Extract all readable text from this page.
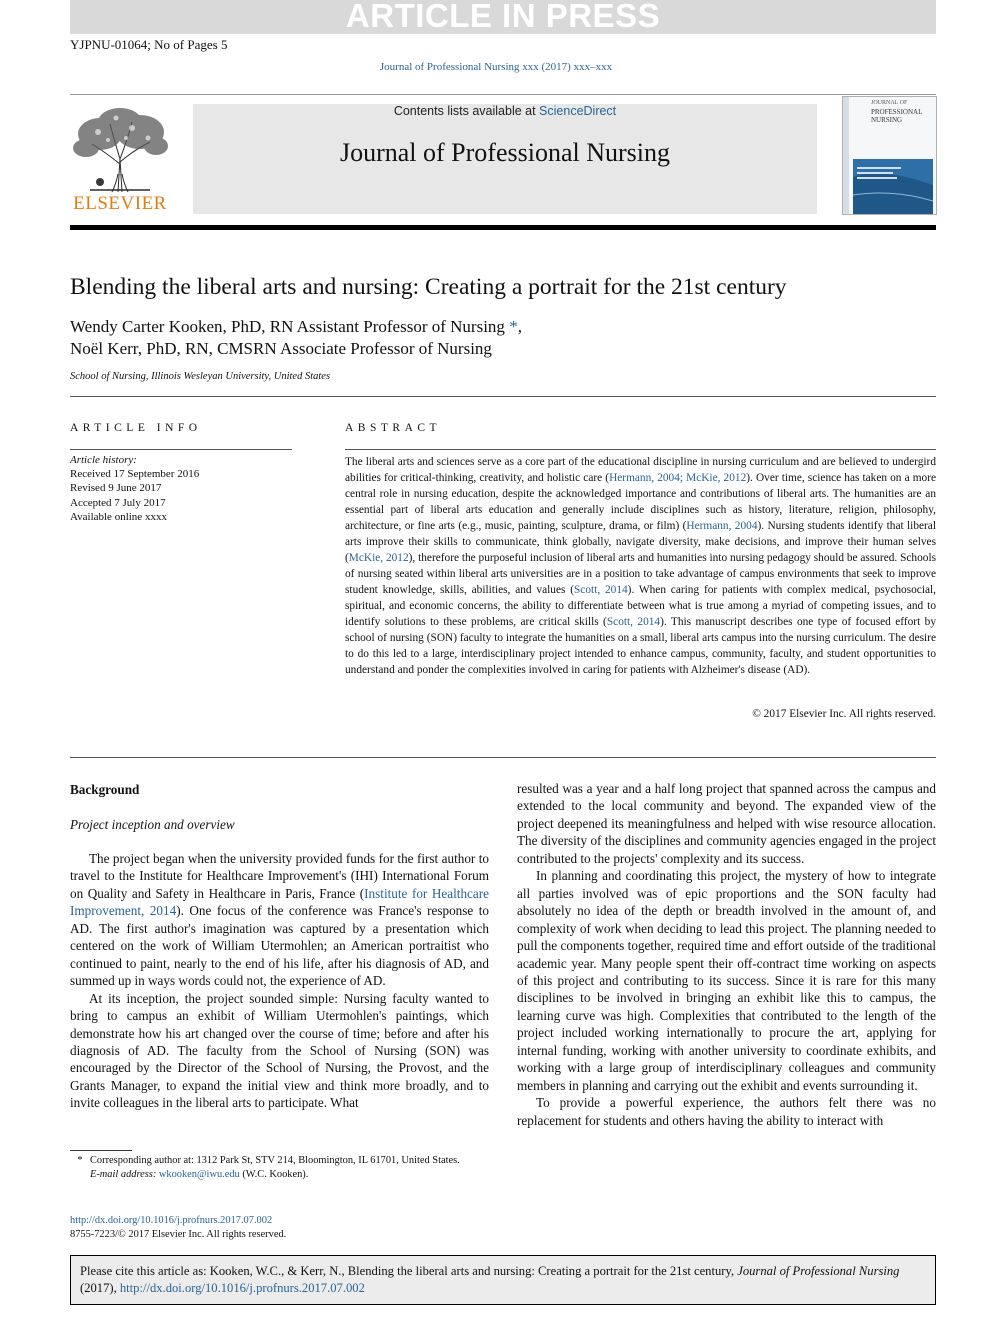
ARTICLE IN PRESS
YJPNU-01064; No of Pages 5
Journal of Professional Nursing xxx (2017) xxx–xxx
ELSEVIER
Contents lists available at ScienceDirect
Journal of Professional Nursing
JOURNAL OF
PROFESSIONAL NURSING
Blending the liberal arts and nursing: Creating a portrait for the 21st century
Wendy Carter Kooken, PhD, RN Assistant Professor of Nursing *,
Noël Kerr, PhD, RN, CMSRN Associate Professor of Nursing
School of Nursing, Illinois Wesleyan University, United States
ARTICLE INFO
Article history:
Received 17 September 2016
Revised 9 June 2017
Accepted 7 July 2017
Available online xxxx
ABSTRACT
The liberal arts and sciences serve as a core part of the educational discipline in nursing curriculum and are believed to undergird abilities for critical-thinking, creativity, and holistic care (Hermann, 2004; McKie, 2012). Over time, science has taken on a more central role in nursing education, despite the acknowledged importance and contributions of liberal arts. The humanities are an essential part of liberal arts education and generally include disciplines such as history, literature, religion, philosophy, architecture, or fine arts (e.g., music, painting, sculpture, drama, or film) (Hermann, 2004). Nursing students identify that liberal arts improve their skills to communicate, think globally, navigate diversity, make decisions, and improve their human selves (McKie, 2012), therefore the purposeful inclusion of liberal arts and humanities into nursing pedagogy should be assured. Schools of nursing seated within liberal arts universities are in a position to take advantage of campus environments that seek to improve student knowledge, skills, abilities, and values (Scott, 2014). When caring for patients with complex medical, psychosocial, spiritual, and economic concerns, the ability to differentiate between what is true among a myriad of competing issues, and to identify solutions to these problems, are critical skills (Scott, 2014). This manuscript describes one type of focused effort by school of nursing (SON) faculty to integrate the humanities on a small, liberal arts campus into the nursing curriculum. The desire to do this led to a large, interdisciplinary project intended to enhance campus, community, faculty, and student opportunities to understand and ponder the complexities involved in caring for patients with Alzheimer's disease (AD).
© 2017 Elsevier Inc. All rights reserved.
Background
Project inception and overview

The project began when the university provided funds for the first author to travel to the Institute for Healthcare Improvement's (IHI) International Forum on Quality and Safety in Healthcare in Paris, France (Institute for Healthcare Improvement, 2014). One focus of the conference was France's response to AD. The first author's imagination was captured by a presentation which centered on the work of William Utermohlen; an American portraitist who continued to paint, nearly to the end of his life, after his diagnosis of AD, and summed up in ways words could not, the experience of AD.

At its inception, the project sounded simple: Nursing faculty wanted to bring to campus an exhibit of William Utermohlen's paintings, which demonstrate how his art changed over the course of time; before and after his diagnosis of AD. The faculty from the School of Nursing (SON) was encouraged by the Director of the School of Nursing, the Provost, and the Grants Manager, to expand the initial view and think more broadly, and to invite colleagues in the liberal arts to participate. What

resulted was a year and a half long project that spanned across the campus and extended to the local community and beyond. The expanded view of the project deepened its meaningfulness and helped with wise resource allocation. The diversity of the disciplines and community agencies engaged in the project contributed to the projects' complexity and its success.

In planning and coordinating this project, the mystery of how to integrate all parties involved was of epic proportions and the SON faculty had absolutely no idea of the depth or breadth involved in the amount of, and complexity of work when deciding to lead this project. The planning needed to pull the components together, required time and effort outside of the traditional academic year. Many people spent their off-contract time working on aspects of this project and contributing to its success. Since it is rare for this many disciplines to be involved in bringing an exhibit like this to campus, the learning curve was high. Complexities that contributed to the length of the project included working internationally to procure the art, applying for internal funding, working with another university to coordinate exhibits, and working with a large group of interdisciplinary colleagues and community members in planning and carrying out the exhibit and events surrounding it.

To provide a powerful experience, the authors felt there was no replacement for students and others having the ability to interact with

* Corresponding author at: 1312 Park St, STV 214, Bloomington, IL 61701, United States.
E-mail address: wkooken@iwu.edu (W.C. Kooken).
http://dx.doi.org/10.1016/j.profnurs.2017.07.002
8755-7223/© 2017 Elsevier Inc. All rights reserved.
Please cite this article as: Kooken, W.C., & Kerr, N., Blending the liberal arts and nursing: Creating a portrait for the 21st century, Journal of Professional Nursing (2017), http://dx.doi.org/10.1016/j.profnurs.2017.07.002
